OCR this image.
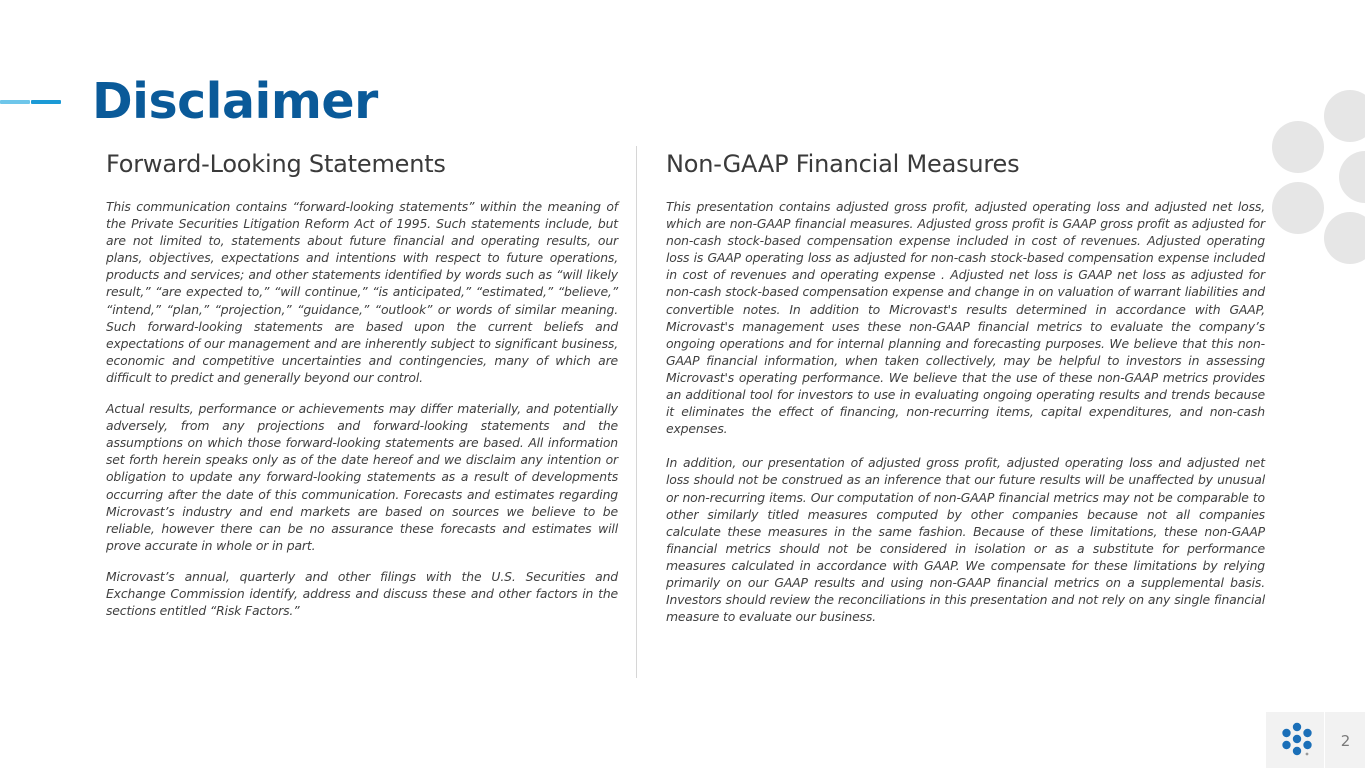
Disclaimer
Forward-Looking Statements

This communication contains “forward-looking statements” within the meaning of the Private Securities Litigation Reform Act of 1995. Such statements include, but are not limited to, statements about future financial and operating results, our plans, objectives, expectations and intentions with respect to future operations, products and services; and other statements identified by words such as “will likely result,” “are expected to,” “will continue,” “is anticipated,” “estimated,” “believe,” “intend,” “plan,” “projection,” “guidance,” “outlook” or words of similar meaning. Such forward-looking statements are based upon the current beliefs and expectations of our management and are inherently subject to significant business, economic and competitive uncertainties and contingencies, many of which are difficult to predict and generally beyond our control.

Actual results, performance or achievements may differ materially, and potentially adversely, from any projections and forward-looking statements and the assumptions on which those forward-looking statements are based. All information set forth herein speaks only as of the date hereof and we disclaim any intention or obligation to update any forward-looking statements as a result of developments occurring after the date of this communication. Forecasts and estimates regarding Microvast’s industry and end markets are based on sources we believe to be reliable, however there can be no assurance these forecasts and estimates will prove accurate in whole or in part.

Microvast’s annual, quarterly and other filings with the U.S. Securities and Exchange Commission identify, address and discuss these and other factors in the sections entitled “Risk Factors.”

Non-GAAP Financial Measures

This presentation contains adjusted gross profit, adjusted operating loss and adjusted net loss, which are non-GAAP financial measures. Adjusted gross profit is GAAP gross profit as adjusted for non-cash stock-based compensation expense included in cost of revenues. Adjusted operating loss is GAAP operating loss as adjusted for non-cash stock-based compensation expense included in cost of revenues and operating expense . Adjusted net loss is GAAP net loss as adjusted for non-cash stock-based compensation expense and change in on valuation of warrant liabilities and convertible notes. In addition to Microvast's results determined in accordance with GAAP, Microvast's management uses these non-GAAP financial metrics to evaluate the company’s ongoing operations and for internal planning and forecasting purposes. We believe that this non-GAAP financial information, when taken collectively, may be helpful to investors in assessing Microvast's operating performance. We believe that the use of these non-GAAP metrics provides an additional tool for investors to use in evaluating ongoing operating results and trends because it eliminates the effect of financing, non-recurring items, capital expenditures, and non-cash expenses.

In addition, our presentation of adjusted gross profit, adjusted operating loss and adjusted net loss should not be construed as an inference that our future results will be unaffected by unusual or non-recurring items. Our computation of non-GAAP financial metrics may not be comparable to other similarly titled measures computed by other companies because not all companies calculate these measures in the same fashion. Because of these limitations, these non-GAAP financial metrics should not be considered in isolation or as a substitute for performance measures calculated in accordance with GAAP. We compensate for these limitations by relying primarily on our GAAP results and using non-GAAP financial metrics on a supplemental basis. Investors should review the reconciliations in this presentation and not rely on any single financial measure to evaluate our business.

2
